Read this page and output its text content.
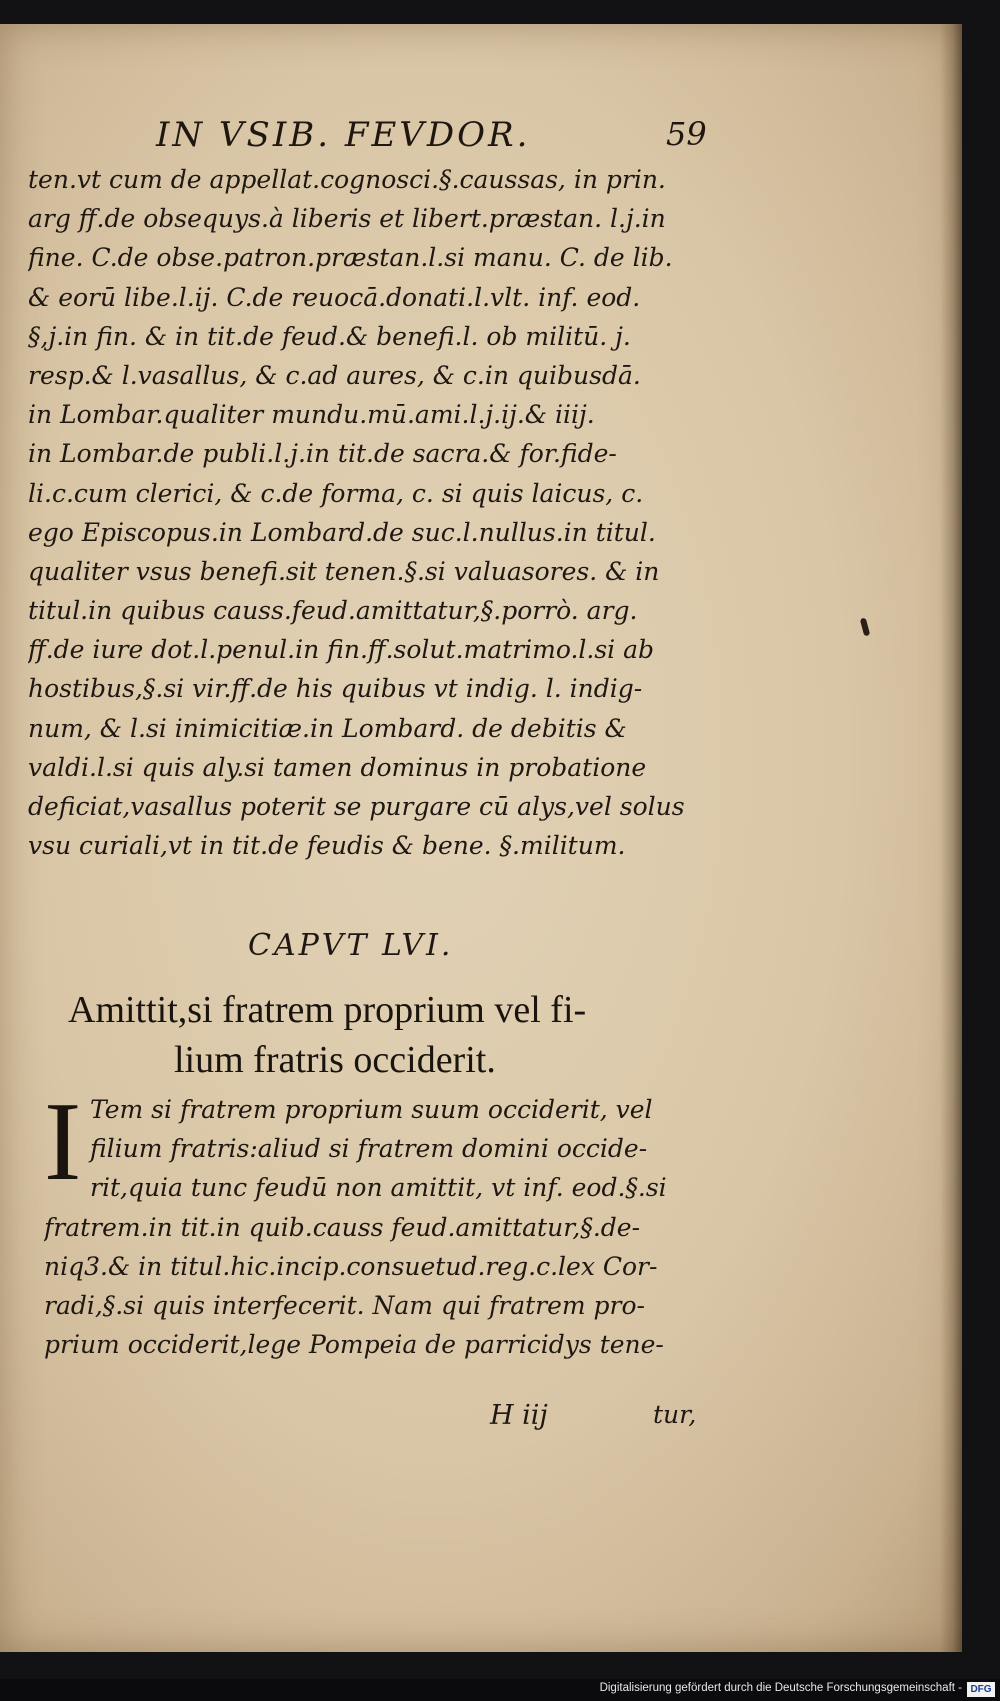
IN VSIB. FEVDOR.	59
ten.vt cum de appellat.cognosci.§.caussas, in prin.
arg ff.de obsequys.à liberis et libert.præstan. l.j.in
fine. C.de obse.patron.præstan.l.si manu. C. de lib.
& eorū libe.l.ij. C.de reuocā.donati.l.vlt. inf. eod.
§,j.in fin. & in tit.de feud.& benefi.l. ob militū. j.
resp.& l.vasallus, & c.ad aures, & c.in quibusdā.
in Lombar.qualiter mundu.mū.ami.l.j.ij.& iiij.
in Lombar.de publi.l.j.in tit.de sacra.& for.fide-
li.c.cum clerici, & c.de forma, c. si quis laicus, c.
ego Episcopus.in Lombard.de suc.l.nullus.in titul.
qualiter vsus benefi.sit tenen.§.si valuasores. & in
titul.in quibus causs.feud.amittatur,§.porrò. arg.
ff.de iure dot.l.penul.in fin.ff.solut.matrimo.l.si ab
hostibus,§.si vir.ff.de his quibus vt indig. l. indig-
num, & l.si inimicitiæ.in Lombard. de debitis &
valdi.l.si quis aly.si tamen dominus in probatione
deficiat,vasallus poterit se purgare cū alys,vel solus
vsu curiali,vt in tit.de feudis & bene. §.militum.
CAPVT LVI.
Amittit,si fratrem proprium vel fi-
lium fratris occiderit.
I Tem si fratrem proprium suum occiderit, vel
filium fratris:aliud si fratrem domini occide-
rit,quia tunc feudū non amittit, vt inf. eod.§.si
fratrem.in tit.in quib.causs feud.amittatur,§.de-
niq3.& in titul.hic.incip.consuetud.reg.c.lex Cor-
radi,§.si quis interfecerit. Nam qui fratrem pro-
prium occiderit,lege Pompeia de parricidys tene-
H iij	tur,
Digitalisierung gefördert durch die Deutsche Forschungsgemeinschaft - DFG
